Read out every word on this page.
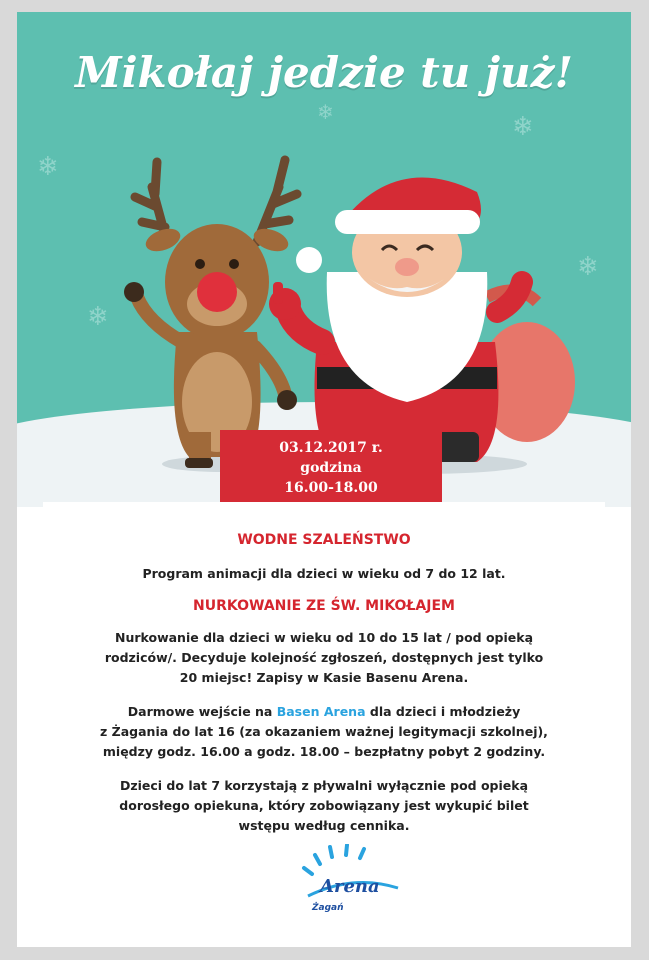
❄
❄
❄
❄
❄
Mikołaj jedzie tu już!
03.12.2017 r.
godzina
16.00-18.00
WODNE SZALEŃSTWO
Program animacji dla dzieci w wieku od 7 do 12 lat.
NURKOWANIE ZE ŚW. MIKOŁAJEM
Nurkowanie dla dzieci w wieku od 10 do 15 lat / pod opieką
rodziców/. Decyduje kolejność zgłoszeń, dostępnych jest tylko
20 miejsc! Zapisy w Kasie Basenu Arena.
Darmowe wejście na Basen Arena dla dzieci i młodzieży
z Żagania do lat 16 (za okazaniem ważnej legitymacji szkolnej),
między godz. 16.00 a godz. 18.00 – bezpłatny pobyt 2 godziny.
Dzieci do lat 7 korzystają z pływalni wyłącznie pod opieką
dorosłego opiekuna, który zobowiązany jest wykupić bilet
wstępu według cennika.
Arena
Żagań
